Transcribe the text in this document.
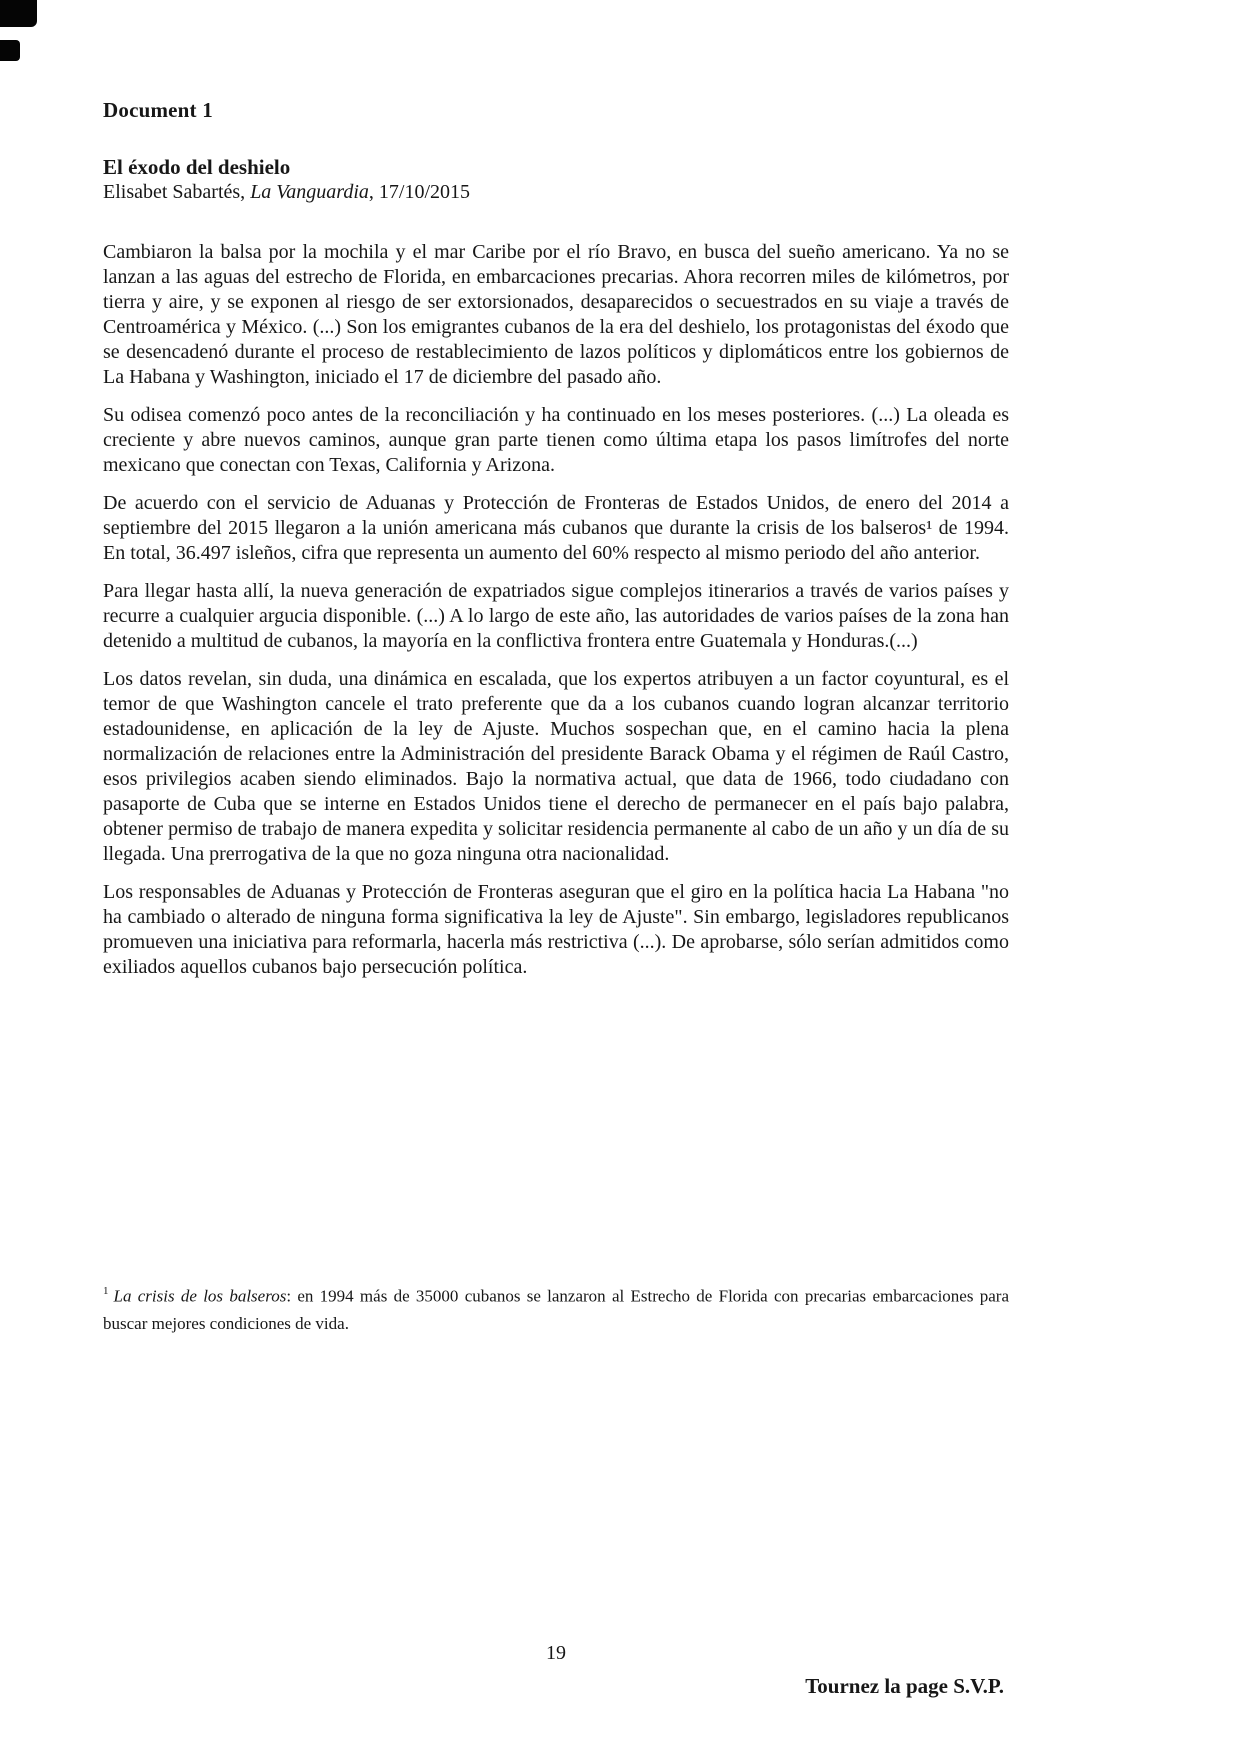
Document 1
El éxodo del deshielo

Elisabet Sabartés, La Vanguardia, 17/10/2015

Cambiaron la balsa por la mochila y el mar Caribe por el río Bravo, en busca del sueño americano. Ya no se lanzan a las aguas del estrecho de Florida, en embarcaciones precarias. Ahora recorren miles de kilómetros, por tierra y aire, y se exponen al riesgo de ser extorsionados, desaparecidos o secuestrados en su viaje a través de Centroamérica y México. (...) Son los emigrantes cubanos de la era del deshielo, los protagonistas del éxodo que se desencadenó durante el proceso de restablecimiento de lazos políticos y diplomáticos entre los gobiernos de La Habana y Washington, iniciado el 17 de diciembre del pasado año.

Su odisea comenzó poco antes de la reconciliación y ha continuado en los meses posteriores. (...) La oleada es creciente y abre nuevos caminos, aunque gran parte tienen como última etapa los pasos limítrofes del norte mexicano que conectan con Texas, California y Arizona.

De acuerdo con el servicio de Aduanas y Protección de Fronteras de Estados Unidos, de enero del 2014 a septiembre del 2015 llegaron a la unión americana más cubanos que durante la crisis de los balseros¹ de 1994. En total, 36.497 isleños, cifra que representa un aumento del 60% respecto al mismo periodo del año anterior.

Para llegar hasta allí, la nueva generación de expatriados sigue complejos itinerarios a través de varios países y recurre a cualquier argucia disponible. (...) A lo largo de este año, las autoridades de varios países de la zona han detenido a multitud de cubanos, la mayoría en la conflictiva frontera entre Guatemala y Honduras.(...)

Los datos revelan, sin duda, una dinámica en escalada, que los expertos atribuyen a un factor coyuntural, es el temor de que Washington cancele el trato preferente que da a los cubanos cuando logran alcanzar territorio estadounidense, en aplicación de la ley de Ajuste. Muchos sospechan que, en el camino hacia la plena normalización de relaciones entre la Administración del presidente Barack Obama y el régimen de Raúl Castro, esos privilegios acaben siendo eliminados. Bajo la normativa actual, que data de 1966, todo ciudadano con pasaporte de Cuba que se interne en Estados Unidos tiene el derecho de permanecer en el país bajo palabra, obtener permiso de trabajo de manera expedita y solicitar residencia permanente al cabo de un año y un día de su llegada. Una prerrogativa de la que no goza ninguna otra nacionalidad.

Los responsables de Aduanas y Protección de Fronteras aseguran que el giro en la política hacia La Habana "no ha cambiado o alterado de ninguna forma significativa la ley de Ajuste". Sin embargo, legisladores republicanos promueven una iniciativa para reformarla, hacerla más restrictiva (...). De aprobarse, sólo serían admitidos como exiliados aquellos cubanos bajo persecución política.

$^1$ La crisis de los balseros: en 1994 más de 35000 cubanos se lanzaron al Estrecho de Florida con precarias embarcaciones para buscar mejores condiciones de vida.
19
Tournez la page S.V.P.
